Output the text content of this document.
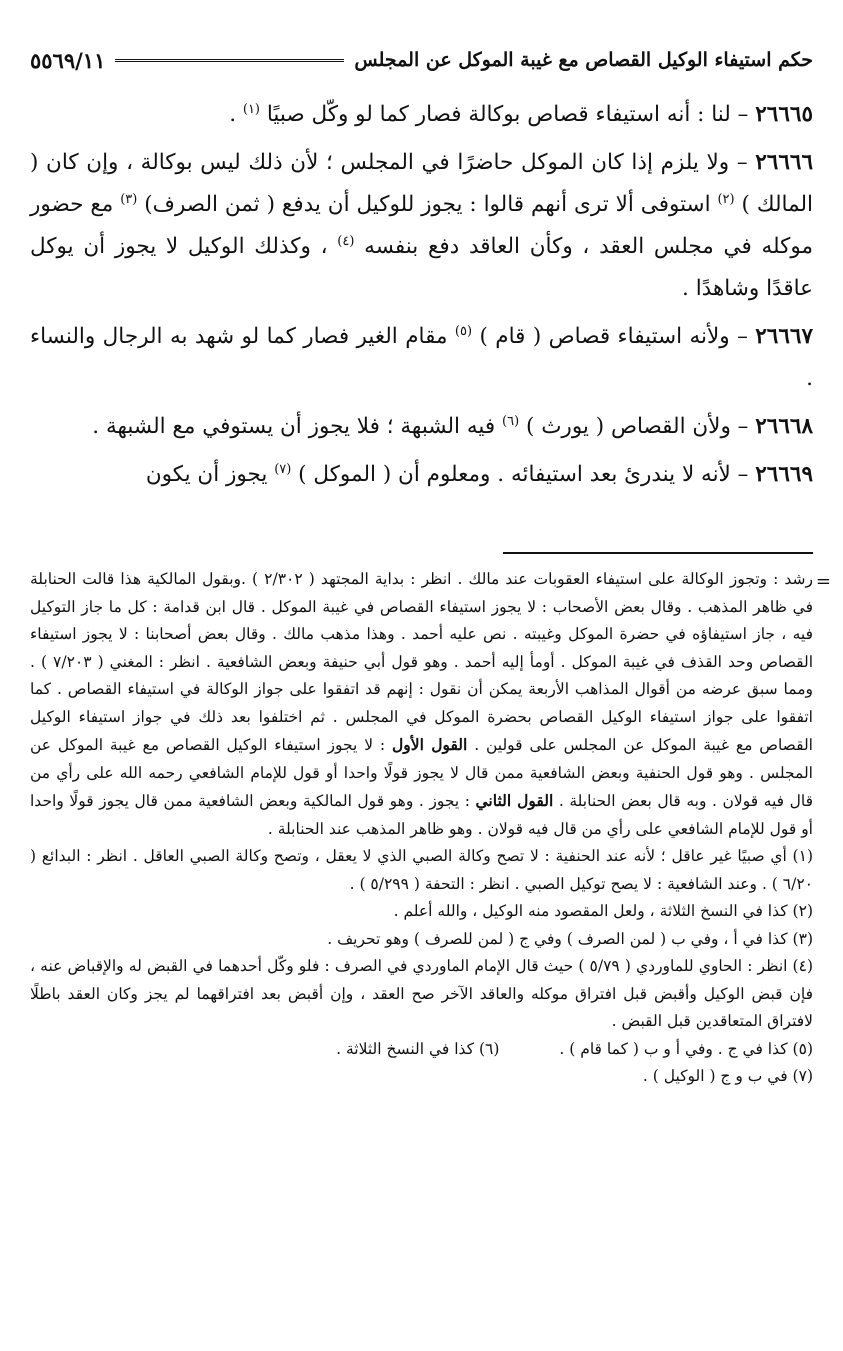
حكم استيفاء الوكيل القصاص مع غيبة الموكل عن المجلس
٥٥٦٩/١١

٢٦٦٦٥ – لنا : أنه استيفاء قصاص بوكالة فصار كما لو وكّل صبيًا $^{(١)}$ .

٢٦٦٦٦ – ولا يلزم إذا كان الموكل حاضرًا في المجلس ؛ لأن ذلك ليس بوكالة ، وإن كان ( المالك ) $^{(٢)}$ استوفى ألا ترى أنهم قالوا : يجوز للوكيل أن يدفع ( ثمن الصرف) $^{(٣)}$ مع حضور موكله في مجلس العقد ، وكأن العاقد دفع بنفسه $^{(٤)}$ ، وكذلك الوكيل لا يجوز أن يوكل عاقدًا وشاهدًا .

٢٦٦٦٧ – ولأنه استيفاء قصاص ( قام ) $^{(٥)}$ مقام الغير فصار كما لو شهد به الرجال والنساء .

٢٦٦٦٨ – ولأن القصاص ( يورث ) $^{(٦)}$ فيه الشبهة ؛ فلا يجوز أن يستوفي مع الشبهة .

٢٦٦٦٩ – لأنه لا يندرئ بعد استيفائه . ومعلوم أن ( الموكل ) $^{(٧)}$ يجوز أن يكون

=
رشد : وتجوز الوكالة على استيفاء العقوبات عند مالك . انظر : بداية المجتهد ( ٢/٣٠٢ ) .وبقول المالكية هذا قالت الحنابلة في ظاهر المذهب . وقال بعض الأصحاب : لا يجوز استيفاء القصاص في غيبة الموكل . قال ابن قدامة : كل ما جاز التوكيل فيه ، جاز استيفاؤه في حضرة الموكل وغيبته . نص عليه أحمد . وهذا مذهب مالك . وقال بعض أصحابنا : لا يجوز استيفاء القصاص وحد القذف في غيبة الموكل . أومأ إليه أحمد . وهو قول أبي حنيفة وبعض الشافعية . انظر : المغني ( ٧/٢٠٣ ) . ومما سبق عرضه من أقوال المذاهب الأربعة يمكن أن نقول : إنهم قد اتفقوا على جواز الوكالة في استيفاء القصاص . كما اتفقوا على جواز استيفاء الوكيل القصاص بحضرة الموكل في المجلس . ثم اختلفوا بعد ذلك في جواز استيفاء الوكيل القصاص مع غيبة الموكل عن المجلس على قولين . القول الأول : لا يجوز استيفاء الوكيل القصاص مع غيبة الموكل عن المجلس . وهو قول الحنفية وبعض الشافعية ممن قال لا يجوز قولًا واحدا أو قول للإمام الشافعي رحمه الله على رأي من قال فيه قولان . وبه قال بعض الحنابلة . القول الثاني : يجوز . وهو قول المالكية وبعض الشافعية ممن قال يجوز قولًا واحدا أو قول للإمام الشافعي على رأي من قال فيه قولان . وهو ظاهر المذهب عند الحنابلة .

(١) أي صبيًا غير عاقل ؛ لأنه عند الحنفية : لا تصح وكالة الصبي الذي لا يعقل ، وتصح وكالة الصبي العاقل . انظر : البدائع ( ٦/٢٠ ) . وعند الشافعية : لا يصح توكيل الصبي . انظر : التحفة ( ٥/٢٩٩ ) .

(٢) كذا في النسخ الثلاثة ، ولعل المقصود منه الوكيل ، والله أعلم .

(٣) كذا في أ ، وفي ب ( لمن الصرف ) وفي ج ( لمن للصرف ) وهو تحريف .

(٤) انظر : الحاوي للماوردي ( ٥/٧٩ ) حيث قال الإمام الماوردي في الصرف : فلو وكّل أحدهما في القبض له والإقباض عنه ، فإن قبض الوكيل وأقبض قبل افتراق موكله والعاقد الآخر صح العقد ، وإن أقبض بعد افتراقهما لم يجز وكان العقد باطلًا لافتراق المتعاقدين قبل القبض .

(٥) كذا في ج . وفي أ و ب ( كما قام ) .
(٦) كذا في النسخ الثلاثة .

(٧) في ب و ج ( الوكيل ) .
